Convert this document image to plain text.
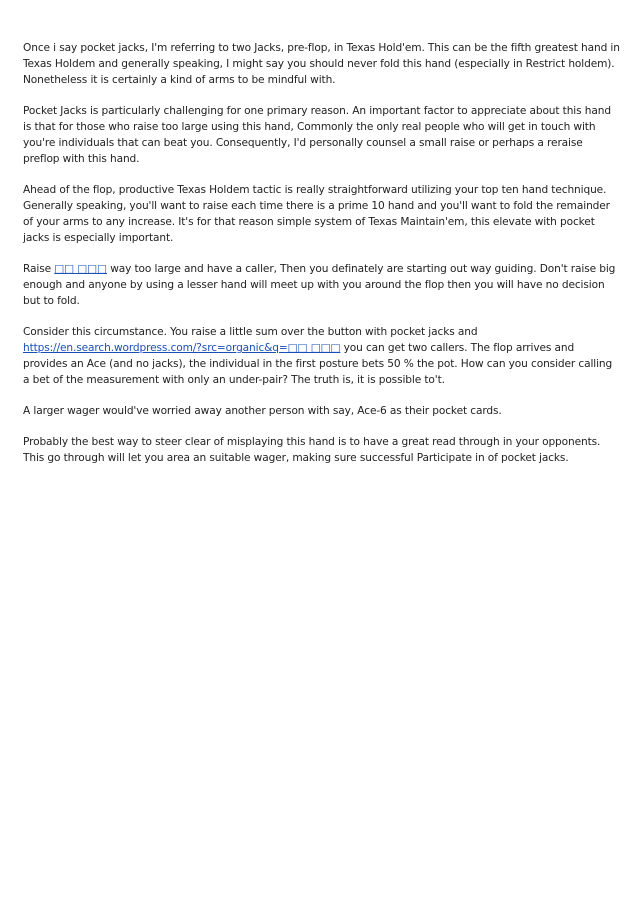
Once i say pocket jacks, I'm referring to two Jacks, pre-flop, in Texas Hold'em. This can be the fifth greatest hand in Texas Holdem and generally speaking, I might say you should never fold this hand (especially in Restrict holdem). Nonetheless it is certainly a kind of arms to be mindful with.

Pocket Jacks is particularly challenging for one primary reason. An important factor to appreciate about this hand is that for those who raise too large using this hand, Commonly the only real people who will get in touch with you're individuals that can beat you. Consequently, I'd personally counsel a small raise or perhaps a reraise preflop with this hand.

Ahead of the flop, productive Texas Holdem tactic is really straightforward utilizing your top ten hand technique. Generally speaking, you'll want to raise each time there is a prime 10 hand and you'll want to fold the remainder of your arms to any increase. It's for that reason simple system of Texas Maintain'em, this elevate with pocket jacks is especially important.

Raise □□ □□□ way too large and have a caller, Then you definately are starting out way guiding. Don't raise big enough and anyone by using a lesser hand will meet up with you around the flop then you will have no decision but to fold.

Consider this circumstance. You raise a little sum over the button with pocket jacks and https://en.search.wordpress.com/?src=organic&q=□□ □□□ you can get two callers. The flop arrives and provides an Ace (and no jacks), the individual in the first posture bets 50 % the pot. How can you consider calling a bet of the measurement with only an under-pair? The truth is, it is possible to't.

A larger wager would've worried away another person with say, Ace-6 as their pocket cards.

Probably the best way to steer clear of misplaying this hand is to have a great read through in your opponents. This go through will let you area an suitable wager, making sure successful Participate in of pocket jacks.
